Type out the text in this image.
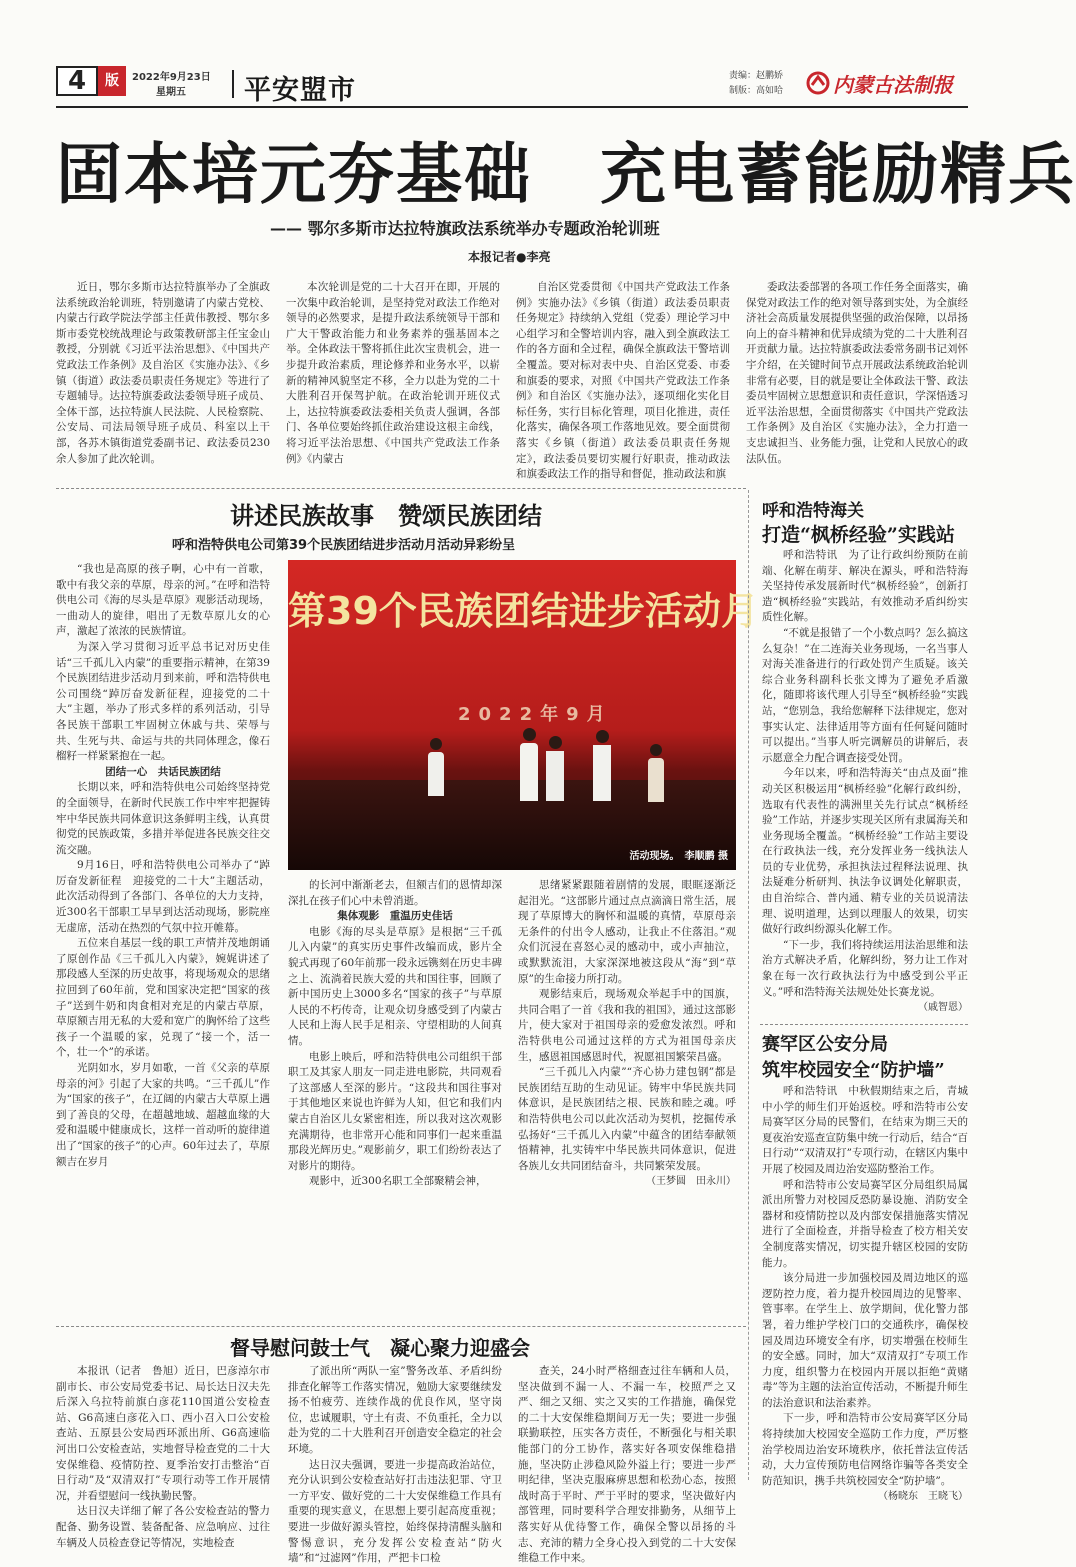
4	版	2022年9月23日
星期五 平安盟市	责编：赵鹏娇
制版：高如哈 内蒙古法制报
固本培元夯基础　充电蓄能励精兵
—— 鄂尔多斯市达拉特旗政法系统举办专题政治轮训班
本报记者●李亮

近日，鄂尔多斯市达拉特旗举办了全旗政法系统政治轮训班，特别邀请了内蒙古党校、内蒙古行政学院法学部主任黄伟教授、鄂尔多斯市委党校统战理论与政策教研部主任宝金山教授，分别就《习近平法治思想》、《中国共产党政法工作条例》及自治区《实施办法》、《乡镇（街道）政法委员职责任务规定》等进行了专题辅导。达拉特旗委政法委领导班子成员、全体干部，达拉特旗人民法院、人民检察院、公安局、司法局领导班子成员、科室以上干部，各苏木镇街道党委副书记、政法委员230余人参加了此次轮训。

本次轮训是党的二十大召开在即，开展的一次集中政治轮训，是坚持党对政法工作绝对领导的必然要求，是提升政法系统领导干部和广大干警政治能力和业务素养的强基固本之举。全体政法干警将抓住此次宝贵机会，进一步提升政治素质，理论修养和业务水平，以崭新的精神风貌坚定不移，全力以赴为党的二十大胜利召开保驾护航。在政治轮训开班仪式上，达拉特旗委政法委相关负责人强调，各部门、各单位要始终抓住政治建设这根主命线，将习近平法治思想、《中国共产党政法工作条例》《内蒙古

自治区党委贯彻《中国共产党政法工作条例》实施办法》《乡镇（街道）政法委员职责任务规定》持续纳入党组（党委）理论学习中心组学习和全警培训内容，融入到全旗政法工作的各方面和全过程，确保全旗政法干警培训全覆盖。要对标对表中央、自治区党委、市委和旗委的要求，对照《中国共产党政法工作条例》和自治区《实施办法》，逐项细化实化目标任务，实行目标化管理，项目化推进，责任化落实，确保各项工作落地见效。要全面贯彻落实《乡镇（街道）政法委员职责任务规定》，政法委员要切实履行好职责，推动政法和旗委政法工作的指导和督促，推动政法和旗

委政法委部署的各项工作任务全面落实，确保党对政法工作的绝对领导落到实处，为全旗经济社会高质量发展提供坚强的政治保障，以昂扬向上的奋斗精神和优异成绩为党的二十大胜利召开贡献力量。达拉特旗委政法委常务副书记刘怀宇介绍，在关键时间节点开展政法系统政治轮训非常有必要，目的就是要让全体政法干警、政法委员牢固树立思想意识和责任意识，学深悟透习近平法治思想，全面贯彻落实《中国共产党政法工作条例》及自治区《实施办法》，全力打造一支忠诚担当、业务能力强，让党和人民放心的政法队伍。

讲述民族故事　赞颂民族团结
呼和浩特供电公司第39个民族团结进步活动月活动异彩纷呈

“我也是高原的孩子啊，心中有一首歌，歌中有我父亲的草原，母亲的河。”在呼和浩特供电公司《海的尽头是草原》观影活动现场，一曲动人的旋律，唱出了无数草原儿女的心声，激起了浓浓的民族情谊。

为深入学习贯彻习近平总书记对历史佳话“三千孤儿入内蒙”的重要指示精神，在第39个民族团结进步活动月到来前，呼和浩特供电公司围绕“踔厉奋发新征程，迎接党的二十大”主题，举办了形式多样的系列活动，引导各民族干部职工牢固树立休戚与共、荣辱与共、生死与共、命运与共的共同体理念，像石榴籽一样紧紧抱在一起。

团结一心　共话民族团结

长期以来，呼和浩特供电公司始终坚持党的全面领导，在新时代民族工作中牢牢把握铸牢中华民族共同体意识这条鲜明主线，认真贯彻党的民族政策，多措并举促进各民族交往交流交融。

9月16日，呼和浩特供电公司举办了“踔厉奋发新征程　迎接党的二十大”主题活动，此次活动得到了各部门、各单位的大力支持，近300名干部职工早早到达活动现场，影院座无虚席，活动在热烈的气氛中拉开帷幕。

五位来自基层一线的职工声情并茂地朗诵了原创作品《三千孤儿入内蒙》，婉娓讲述了那段感人至深的历史故事，将现场观众的思绪拉回到了60年前，党和国家决定把“国家的孩子”送到牛奶和肉食相对充足的内蒙古草原，草原额吉用无私的大爱和宽广的胸怀给了这些孩子一个温暖的家，兑现了“接一个，活一个，壮一个”的承诺。

光阴如水，岁月如歌，一首《父亲的草原母亲的河》引起了大家的共鸣。“三千孤儿”作为“国家的孩子”，在辽阔的内蒙古大草原上遇到了善良的父母，在超越地域、超越血缘的大爱和温暖中健康成长，这样一首动听的旋律道出了“国家的孩子”的心声。60年过去了，草原额吉在岁月

第39个民族团结进步活动月
2022年9月
活动现场。　李顺鹏 摄

的长河中渐渐老去，但额吉们的恩情却深深扎在孩子们心中未曾消逝。

集体观影　重温历史佳话

电影《海的尽头是草原》是根据“三千孤儿入内蒙”的真实历史事件改编而成，影片全貌式再现了60年前那一段永远镌刻在历史丰碑之上、流淌着民族大爱的共和国往事，回顾了新中国历史上3000多名“国家的孩子”与草原人民的不朽传奇，让观众切身感受到了内蒙古人民和上海人民手足相亲、守望相助的人间真情。

电影上映后，呼和浩特供电公司组织干部职工及其家人朋友一同走进电影院，共同观看了这部感人至深的影片。“这段共和国往事对于其他地区来说也许鲜为人知，但它和我们内蒙古自治区儿女紧密相连，所以我对这次观影充满期待，也非常开心能和同事们一起来重温那段光辉历史。”观影前夕，职工们纷纷表达了对影片的期待。

观影中，近300名职工全部聚精会神，

思绪紧紧跟随着剧情的发展，眼眶逐渐泛起泪光。“这部影片通过点点滴滴日常生活，展现了草原博大的胸怀和温暖的真情，草原母亲无条件的付出令人感动，让我止不住落泪。”观众们沉浸在喜怒心灵的感动中，或小声抽泣，或默默流泪，大家深深地被这段从“海”到“草原”的生命接力所打动。

观影结束后，现场观众举起手中的国旗，共同合唱了一首《我和我的祖国》，通过这部影片，使大家对于祖国母亲的爱愈发浓烈。呼和浩特供电公司通过这样的方式为祖国母亲庆生，感恩祖国感恩时代，祝愿祖国繁荣昌盛。

“三千孤儿入内蒙”“齐心协力建包钢”都是民族团结互助的生动见证。铸牢中华民族共同体意识，是民族团结之根、民族和睦之魂。呼和浩特供电公司以此次活动为契机，挖掘传承弘扬好“三千孤儿入内蒙”中蕴含的团结奉献领悟精神，扎实铸牢中华民族共同体意识，促进各族儿女共同团结奋斗，共同繁荣发展。

（王梦圆　田永川）

呼和浩特海关
打造“枫桥经验”实践站

呼和浩特讯　为了让行政纠纷预防在前端、化解在萌芽、解决在源头，呼和浩特海关坚持传承发展新时代“枫桥经验”，创新打造“枫桥经验”实践站，有效推动矛盾纠纷实质性化解。

“不就是报错了一个小数点吗？怎么搞这么复杂！”在二连海关业务现场，一名当事人对海关准备进行的行政处罚产生质疑。该关综合业务科副科长张文博为了避免矛盾激化，随即将该代理人引导至“枫桥经验”实践站，“您别急，我给您解释下法律规定，您对事实认定、法律适用等方面有任何疑问随时可以提出。”当事人听完调解员的讲解后，表示愿意全力配合调查接受处罚。

今年以来，呼和浩特海关“由点及面”推动关区积极运用“枫桥经验”化解行政纠纷，选取有代表性的满洲里关先行试点“枫桥经验”工作站，并逐步实现关区所有隶属海关和业务现场全覆盖。“枫桥经验”工作站主要设在行政执法一线，充分发挥业务一线执法人员的专业优势，承担执法过程释法说理、执法疑难分析研判、执法争议调处化解职责，由自治综合、普内通、精专业的关员说清法理、说明道理，达到以理服人的效果，切实做好行政纠纷源头化解工作。

“下一步，我们将持续运用法治思维和法治方式解决矛盾，化解纠纷，努力让工作对象在每一次行政执法行为中感受到公平正义。”呼和浩特海关法规处处长赛龙说。

（戚智恩）

赛罕区公安分局
筑牢校园安全“防护墙”

呼和浩特讯　中秋假期结束之后，青城中小学的师生们开始返校。呼和浩特市公安局赛罕区分局的民警们，在结束为期三天的夏夜治安巡查宣防集中统一行动后，结合“百日行动”“双清双打”专项行动，在辖区内集中开展了校园及周边治安巡防整治工作。

呼和浩特市公安局赛罕区分局组织局属派出所警力对校园反恐防暴设施、消防安全器材和疫情防控以及内部安保措施落实情况进行了全面检查，并指导检查了校方相关安全制度落实情况，切实提升辖区校园的安防能力。

该分局进一步加强校园及周边地区的巡逻防控力度，着力提升校园周边的见警率、管事率。在学生上、放学期间，优化警力部署，着力维护学校门口的交通秩序，确保校园及周边环境安全有序，切实增强在校师生的安全感。同时，加大“双清双打”专项工作力度，组织警力在校园内开展以拒绝“黄赌毒”等为主题的法治宣传活动，不断提升师生的法治意识和法治素养。

下一步，呼和浩特市公安局赛罕区分局将持续加大校园安全巡防工作力度，严厉整治学校周边治安环境秩序，依托普法宣传活动，大力宣传预防电信网络诈骗等各类安全防范知识，携手共筑校园安全“防护墙”。

（杨晓东　王晓飞）

督导慰问鼓士气　凝心聚力迎盛会

本报讯（记者　鲁旭）近日，巴彦淖尔市副市长、市公安局党委书记、局长达日汉夫先后深入乌拉特前旗白彦花110国道公安检查站、G6高速白彦花入口、西小召入口公安检查站、五原县公安局西环派出所、G6高速临河出口公安检查站，实地督导检查党的二十大安保维稳、疫情防控、夏季治安打击整治“百日行动”及“双清双打”专项行动等工作开展情况，并看望慰问一线执勤民警。

达日汉夫详细了解了各公安检查站的警力配备、勤务设置、装备配备、应急响应、过往车辆及人员检查登记等情况，实地检查

了派出所“两队一室”警务改革、矛盾纠纷排查化解等工作落实情况，勉励大家要继续发扬不怕疲劳、连续作战的优良作风，坚守岗位，忠诚履职，守土有责、不负重托，全力以赴为党的二十大胜利召开创造安全稳定的社会环境。

达日汉夫强调，要进一步提高政治站位，充分认识到公安检查站好打击违法犯罪、守卫一方平安、做好党的二十大安保维稳工作具有重要的现实意义，在思想上要引起高度重视；要进一步做好源头管控，始终保持清醒头脑和警惕意识，充分发挥公安检查站“防火墙”和“过滤网”作用，严把卡口检

查关，24小时严格细查过往车辆和人员，坚决做到不漏一人、不漏一车，校照严之又严、细之又细、实之又实的工作措施，确保党的二十大安保维稳期间万无一失；要进一步强联勤联控，压实各方责任，不断强化与相关职能部门的分工协作，落实好各项安保维稳措施，坚决防止涉稳风险外溢上行；要进一步严明纪律，坚决克服麻痹思想和松劲心态，按照战时高于平时、严于平时的要求，坚决做好内部管理，同时要科学合理安排勤务，从细节上落实好从优待警工作，确保全警以昂扬的斗志、充沛的精力全身心投入到党的二十大安保维稳工作中来。
